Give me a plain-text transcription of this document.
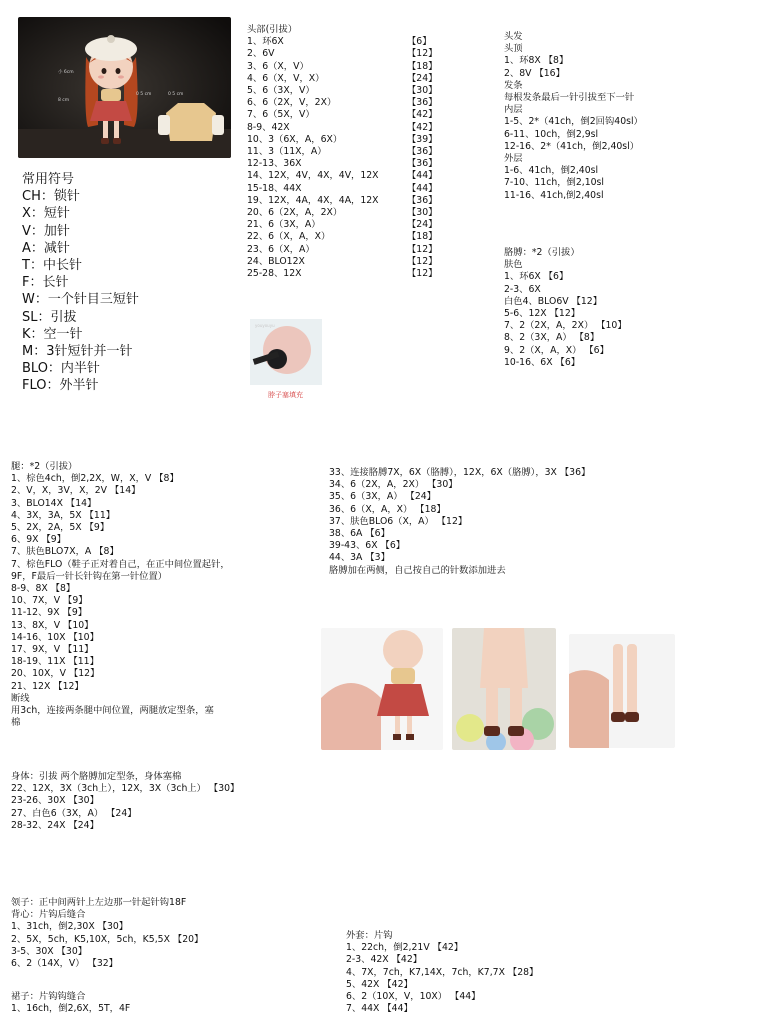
小 6cm
8 cm
0 5 cm
0 5 cm
常用符号
CH：锁针
X：短针
V：加针
A：减针
T：中长针
F：长针
W：一个针目三短针
SL：引拔
K：空一针
M：3针短针并一针
BLO：内半针
FLO：外半针
头部(引拔）
1、环6X	【6】
2、6V	【12】
3、6（X，V）	【18】
4、6（X，V，X）	【24】
5、6（3X，V）	【30】
6、6（2X，V，2X）	【36】
7、6（5X，V）	【42】
8-9、42X	【42】
10、3（6X，A，6X）	【39】
11、3（11X，A）	【36】
12-13、36X	【36】
14、12X，4V，4X，4V，12X	【44】
15-18、44X	【44】
19、12X，4A，4X，4A，12X	【36】
20、6（2X，A，2X）	【30】
21、6（3X，A）	【24】
22、6（X，A，X）	【18】
23、6（X，A）	【12】
24、BLO12X	【12】
25-28、12X	【12】
youyouyu
脖子塞填充
头发
头顶
1、环8X 【8】
2、8V 【16】
发条
每根发条最后一针引拔至下一针
内层
1-5、2*（41ch，倒2回钩40sl）
6-11、10ch，倒2,9sl
12-16、2*（41ch，倒2,40sl）
外层
1-6、41ch，倒2,40sl
7-10、11ch，倒2,10sl
11-16、41ch,倒2,40sl
胳膊：*2（引拔）
肤色
1、环6X 【6】
2-3、6X
白色4、BLO6V 【12】
5-6、12X 【12】
7、2（2X，A，2X） 【10】
8、2（3X，A） 【8】
9、2（X，A，X） 【6】
10-16、6X 【6】
腿：*2（引拔）
1、棕色4ch，倒2,2X，W，X，V 【8】
2、V，X，3V，X，2V 【14】
3、BLO14X 【14】
4、3X，3A，5X 【11】
5、2X，2A，5X 【9】
6、9X 【9】
7、肤色BLO7X，A 【8】
7、棕色FLO（鞋子正对着自己，在正中间位置起针，
9F，F最后一针长针钩在第一针位置）
8-9、8X 【8】
10、7X，V 【9】
11-12、9X 【9】
13、8X，V 【10】
14-16、10X 【10】
17、9X，V 【11】
18-19、11X 【11】
20、10X，V 【12】
21、12X 【12】
断线
用3ch，连接两条腿中间位置，两腿放定型条，塞
棉
身体：引拔 两个胳膊加定型条，身体塞棉
22、12X，3X（3ch上），12X，3X（3ch上） 【30】
23-26、30X 【30】
27、白色6（3X，A） 【24】
28-32、24X 【24】
33、连接胳膊7X，6X（胳膊），12X，6X（胳膊），3X 【36】
34、6（2X，A，2X） 【30】
35、6（3X，A） 【24】
36、6（X，A，X） 【18】
37、肤色BLO6（X，A） 【12】
38、6A 【6】
39-43、6X 【6】
44、3A 【3】
胳膊加在两侧，自己按自己的针数添加进去
领子：正中间两针上左边那一针起针钩18F
背心：片钩后缝合
1、31ch，倒2,30X 【30】
2、5X，5ch，K5,10X，5ch，K5,5X 【20】
3-5、30X 【30】
6、2（14X，V） 【32】
裙子：片钩钩缝合
1、16ch，倒2,6X，5T，4F
外套：片钩
1、22ch，倒2,21V 【42】
2-3、42X 【42】
4、7X，7ch，K7,14X，7ch，K7,7X 【28】
5、42X 【42】
6、2（10X，V，10X） 【44】
7、44X 【44】
